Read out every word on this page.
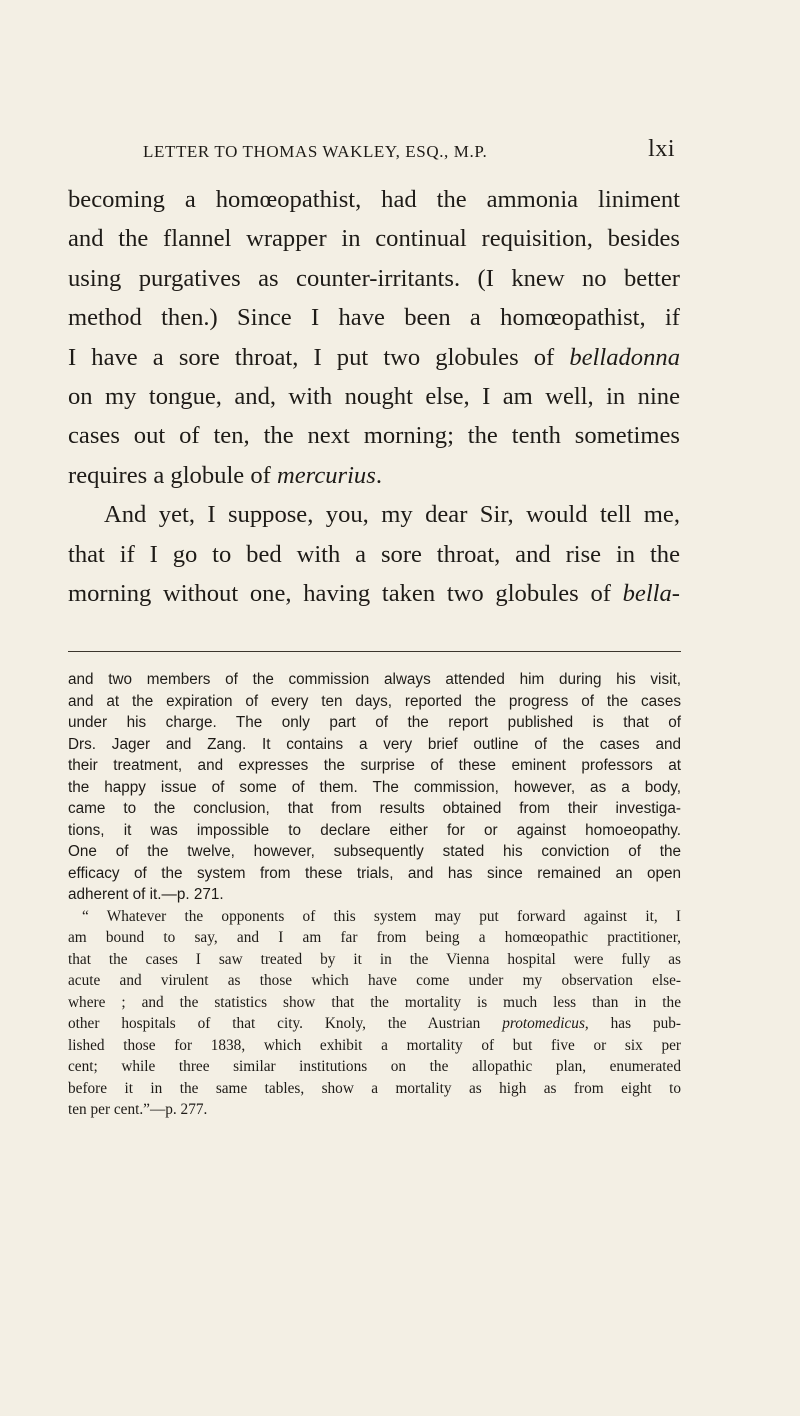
LETTER TO THOMAS WAKLEY, ESQ., M.P.	lxi

becoming a homœopathist, had the ammonia liniment
and the flannel wrapper in continual requisition, besides
using purgatives as counter-irritants. (I knew no better
method then.) Since I have been a homœopathist, if
I have a sore throat, I put two globules of belladonna
on my tongue, and, with nought else, I am well, in nine
cases out of ten, the next morning; the tenth sometimes
requires a globule of mercurius.

And yet, I suppose, you, my dear Sir, would tell me,
that if I go to bed with a sore throat, and rise in the
morning without one, having taken two globules of bella-

and two members of the commission always attended him during his visit,
and at the expiration of every ten days, reported the progress of the cases
under his charge. The only part of the report published is that of
Drs. Jager and Zang. It contains a very brief outline of the cases and
their treatment, and expresses the surprise of these eminent professors at
the happy issue of some of them. The commission, however, as a body,
came to the conclusion, that from results obtained from their investiga-
tions, it was impossible to declare either for or against homoeopathy.
One of the twelve, however, subsequently stated his conviction of the
efficacy of the system from these trials, and has since remained an open
adherent of it.—p. 271.
“ Whatever the opponents of this system may put forward against it, I
am bound to say, and I am far from being a homœopathic practitioner,
that the cases I saw treated by it in the Vienna hospital were fully as
acute and virulent as those which have come under my observation else-
where ; and the statistics show that the mortality is much less than in the
other hospitals of that city. Knoly, the Austrian protomedicus, has pub-
lished those for 1838, which exhibit a mortality of but five or six per
cent; while three similar institutions on the allopathic plan, enumerated
before it in the same tables, show a mortality as high as from eight to
ten per cent.”—p. 277.
